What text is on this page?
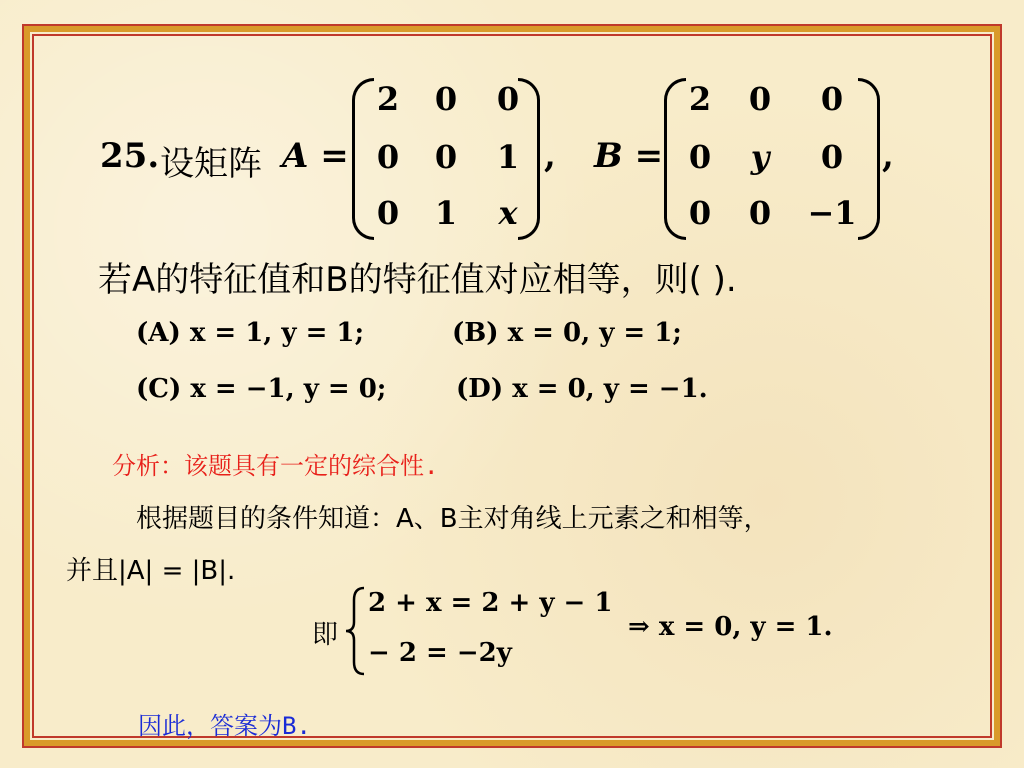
25. 设矩阵 A =
2	0	0
0	0	1
0	1	x
, B =
2	0	0
0	y	0
0	0	−1
,
若A的特征值和B的特征值对应相等，则( ).
(A) x = 1, y = 1;	(B) x = 0, y = 1;
(C) x = −1, y = 0;	(D) x = 0, y = −1.
分析：该题具有一定的综合性.
根据题目的条件知道：A、B主对角线上元素之和相等，
并且|A| = |B|.
即
2 + x = 2 + y − 1
− 2 = −2y
⇒ x = 0, y = 1.
因此，答案为B.
